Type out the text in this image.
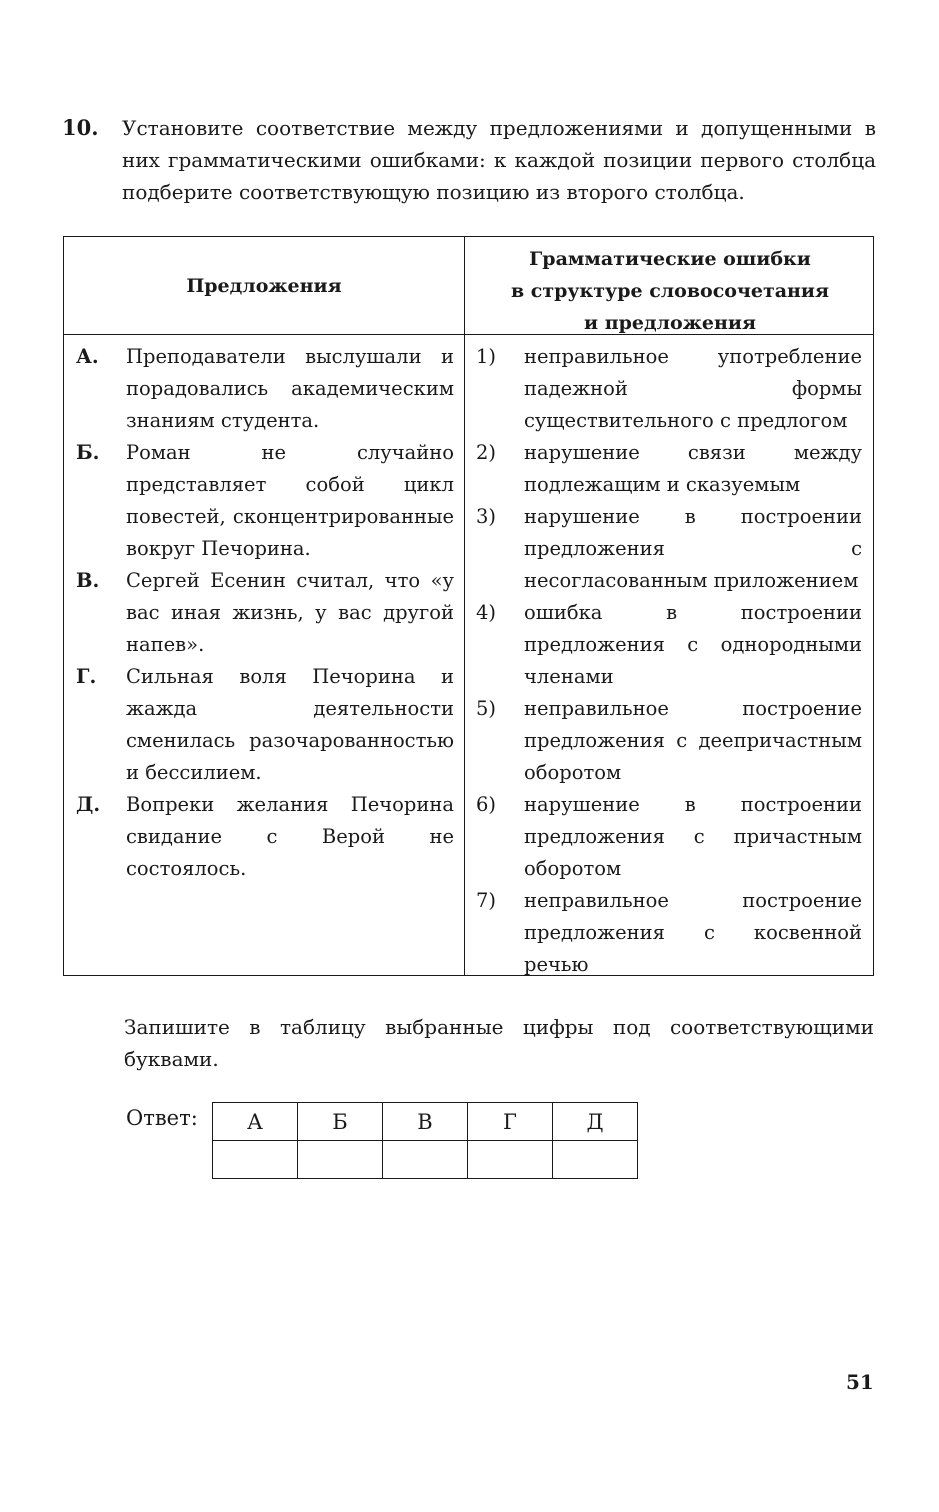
10. Установите соответствие между предложениями и допущенными в них грамматическими ошибками: к каждой позиции первого столбца подберите соответствующую позицию из второго столбца.
Предложения
Грамматические ошибки
в структуре словосочетания
и предложения
А.	Преподаватели выслушали и порадовались академическим знаниям студента.
Б.	Роман не случайно представляет собой цикл повестей, сконцентрированные вокруг Печорина.
В.	Сергей Есенин считал, что «у вас иная жизнь, у вас другой напев».
Г.	Сильная воля Печорина и жажда деятельности сменилась разочарованностью и бессилием.
Д.	Вопреки желания Печорина свидание с Верой не состоялось.
1)	неправильное употребление падежной формы существительного с предлогом
2)	нарушение связи между подлежащим и сказуемым
3)	нарушение в построении предложения с несогласованным приложением
4)	ошибка в построении предложения с однородными членами
5)	неправильное построение предложения с деепричастным оборотом
6)	нарушение в построении предложения с причастным оборотом
7)	неправильное построение предложения с косвенной речью
Запишите в таблицу выбранные цифры под соответствующими буквами.
Ответ: А	Б	В	Г	Д

51
